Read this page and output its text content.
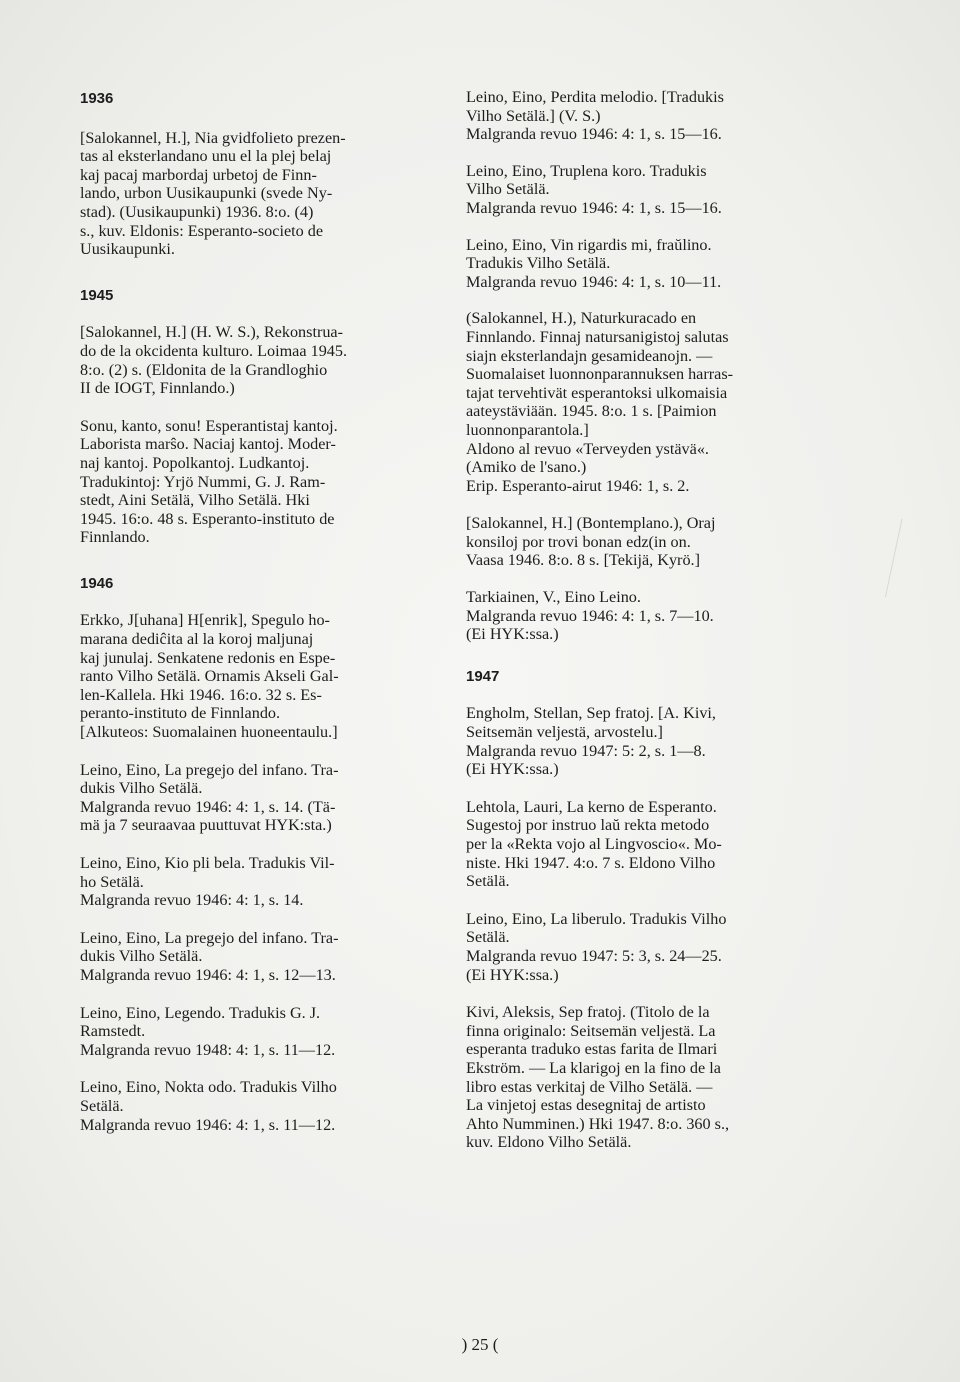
1936

[Salokannel, H.], Nia gvidfolieto prezen-

tas al eksterlandano unu el la plej belaj

kaj pacaj marbordaj urbetoj de Finn-

lando, urbon Uusikaupunki (svede Ny-

stad). (Uusikaupunki) 1936. 8:o. (4)

s., kuv. Eldonis: Esperanto-societo de

Uusikaupunki.

1945

[Salokannel, H.] (H. W. S.), Rekonstrua-

do de la okcidenta kulturo. Loimaa 1945.

8:o. (2) s. (Eldonita de la Grandloghio

II de IOGT, Finnlando.)

Sonu, kanto, sonu! Esperantistaj kantoj.

Laborista marŝo. Naciaj kantoj. Moder-

naj kantoj. Popolkantoj. Ludkantoj.

Tradukintoj: Yrjö Nummi, G. J. Ram-

stedt, Aini Setälä, Vilho Setälä. Hki

1945. 16:o. 48 s. Esperanto-instituto de

Finnlando.

1946

Erkko, J[uhana] H[enrik], Spegulo ho-

marana dediĉita al la koroj maljunaj

kaj junulaj. Senkatene redonis en Espe-

ranto Vilho Setälä. Ornamis Akseli Gal-

len-Kallela. Hki 1946. 16:o. 32 s. Es-

peranto-instituto de Finnlando.

[Alkuteos: Suomalainen huoneentaulu.]

Leino, Eino, La pregejo del infano. Tra-

dukis Vilho Setälä.

Malgranda revuo 1946: 4: 1, s. 14. (Tä-

mä ja 7 seuraavaa puuttuvat HYK:sta.)

Leino, Eino, Kio pli bela. Tradukis Vil-

ho Setälä.

Malgranda revuo 1946: 4: 1, s. 14.

Leino, Eino, La pregejo del infano. Tra-

dukis Vilho Setälä.

Malgranda revuo 1946: 4: 1, s. 12—13.

Leino, Eino, Legendo. Tradukis G. J.

Ramstedt.

Malgranda revuo 1948: 4: 1, s. 11—12.

Leino, Eino, Nokta odo. Tradukis Vilho

Setälä.

Malgranda revuo 1946: 4: 1, s. 11—12.

Leino, Eino, Perdita melodio. [Tradukis

Vilho Setälä.] (V. S.)

Malgranda revuo 1946: 4: 1, s. 15—16.

Leino, Eino, Truplena koro. Tradukis

Vilho Setälä.

Malgranda revuo 1946: 4: 1, s. 15—16.

Leino, Eino, Vin rigardis mi, fraŭlino.

Tradukis Vilho Setälä.

Malgranda revuo 1946: 4: 1, s. 10—11.

(Salokannel, H.), Naturkuracado en

Finnlando. Finnaj natursanigistoj salutas

siajn eksterlandajn gesamideanojn. —

Suomalaiset luonnonparannuksen harras-

tajat tervehtivät esperantoksi ulkomaisia

aateystäviään. 1945. 8:o. 1 s. [Paimion

luonnonparantola.]

Aldono al revuo «Terveyden ystävä«.

(Amiko de l'sano.)

Erip. Esperanto-airut 1946: 1, s. 2.

[Salokannel, H.] (Bontemplano.), Oraj

konsiloj por trovi bonan edz(in on.

Vaasa 1946. 8:o. 8 s. [Tekijä, Kyrö.]

Tarkiainen, V., Eino Leino.

Malgranda revuo 1946: 4: 1, s. 7—10.

(Ei HYK:ssa.)

1947

Engholm, Stellan, Sep fratoj. [A. Kivi,

Seitsemän veljestä, arvostelu.]

Malgranda revuo 1947: 5: 2, s. 1—8.

(Ei HYK:ssa.)

Lehtola, Lauri, La kerno de Esperanto.

Sugestoj por instruo laŭ rekta metodo

per la «Rekta vojo al Lingvoscio«. Mo-

niste. Hki 1947. 4:o. 7 s. Eldono Vilho

Setälä.

Leino, Eino, La liberulo. Tradukis Vilho

Setälä.

Malgranda revuo 1947: 5: 3, s. 24—25.

(Ei HYK:ssa.)

Kivi, Aleksis, Sep fratoj. (Titolo de la

finna originalo: Seitsemän veljestä. La

esperanta traduko estas farita de Ilmari

Ekström. — La klarigoj en la fino de la

libro estas verkitaj de Vilho Setälä. —

La vinjetoj estas desegnitaj de artisto

Ahto Numminen.) Hki 1947. 8:o. 360 s.,

kuv. Eldono Vilho Setälä.

) 25 (
